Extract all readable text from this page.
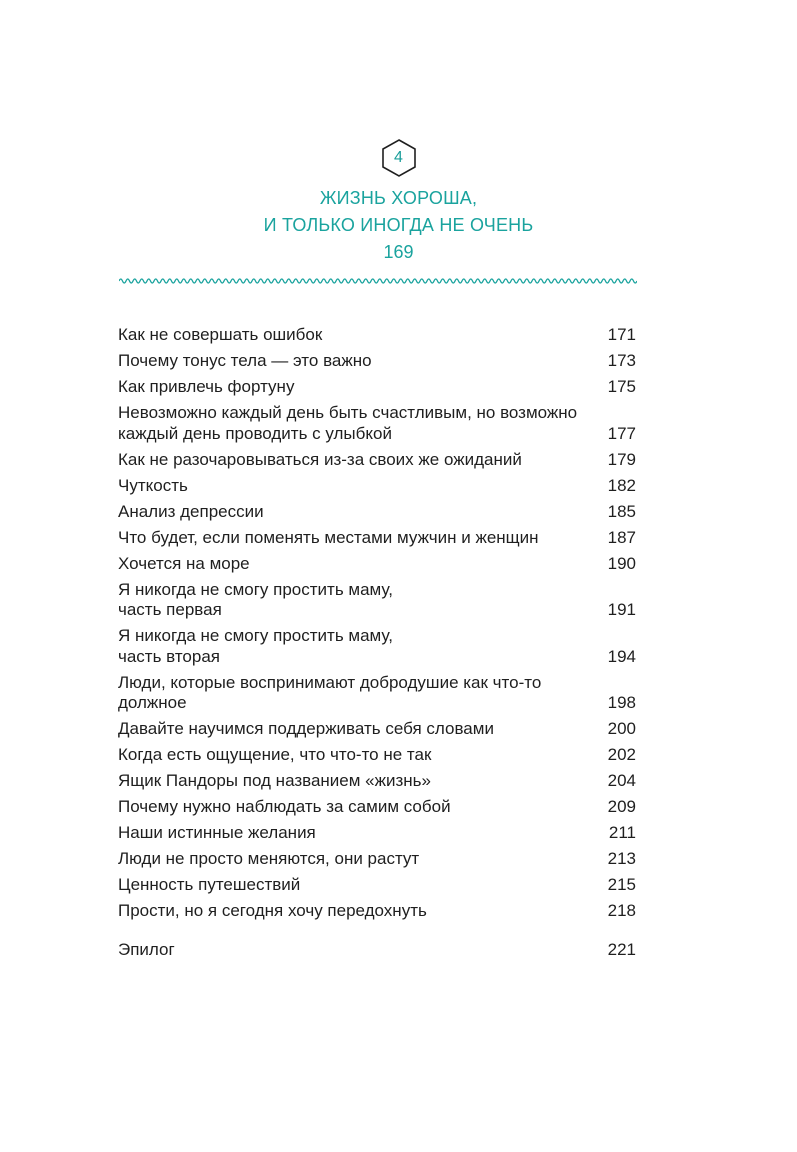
4
ЖИЗНЬ ХОРОША,
И ТОЛЬКО ИНОГДА НЕ ОЧЕНЬ
169
Как не совершать ошибок	171
Почему тонус тела — это важно	173
Как привлечь фортуну	175
Невозможно каждый день быть счастливым, но возможно
каждый день проводить с улыбкой	177
Как не разочаровываться из-за своих же ожиданий	179
Чуткость	182
Анализ депрессии	185
Что будет, если поменять местами мужчин и женщин	187
Хочется на море	190
Я никогда не смогу простить маму,
часть первая	191
Я никогда не смогу простить маму,
часть вторая	194
Люди, которые воспринимают добродушие как что-то
должное	198
Давайте научимся поддерживать себя словами	200
Когда есть ощущение, что что-то не так	202
Ящик Пандоры под названием «жизнь»	204
Почему нужно наблюдать за самим собой	209
Наши истинные желания	211
Люди не просто меняются, они растут	213
Ценность путешествий	215
Прости, но я сегодня хочу передохнуть	218
Эпилог	221
